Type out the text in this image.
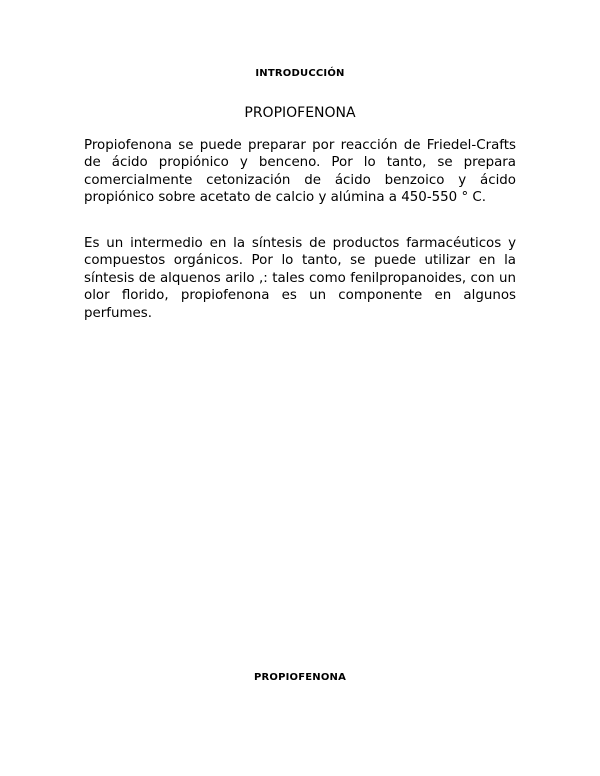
INTRODUCCIÓN
PROPIOFENONA

Propiofenona se puede preparar por reacción de Friedel-Crafts de ácido propiónico y benceno. Por lo tanto, se prepara comercialmente cetonización de ácido benzoico y ácido propiónico sobre acetato de calcio y alúmina a 450-550 ° C.

Es un intermedio en la síntesis de productos farmacéuticos y compuestos orgánicos. Por lo tanto, se puede utilizar en la síntesis de alquenos arilo ,: tales como fenilpropanoides, con un olor florido, propiofenona es un componente en algunos perfumes.

PROPIOFENONA
